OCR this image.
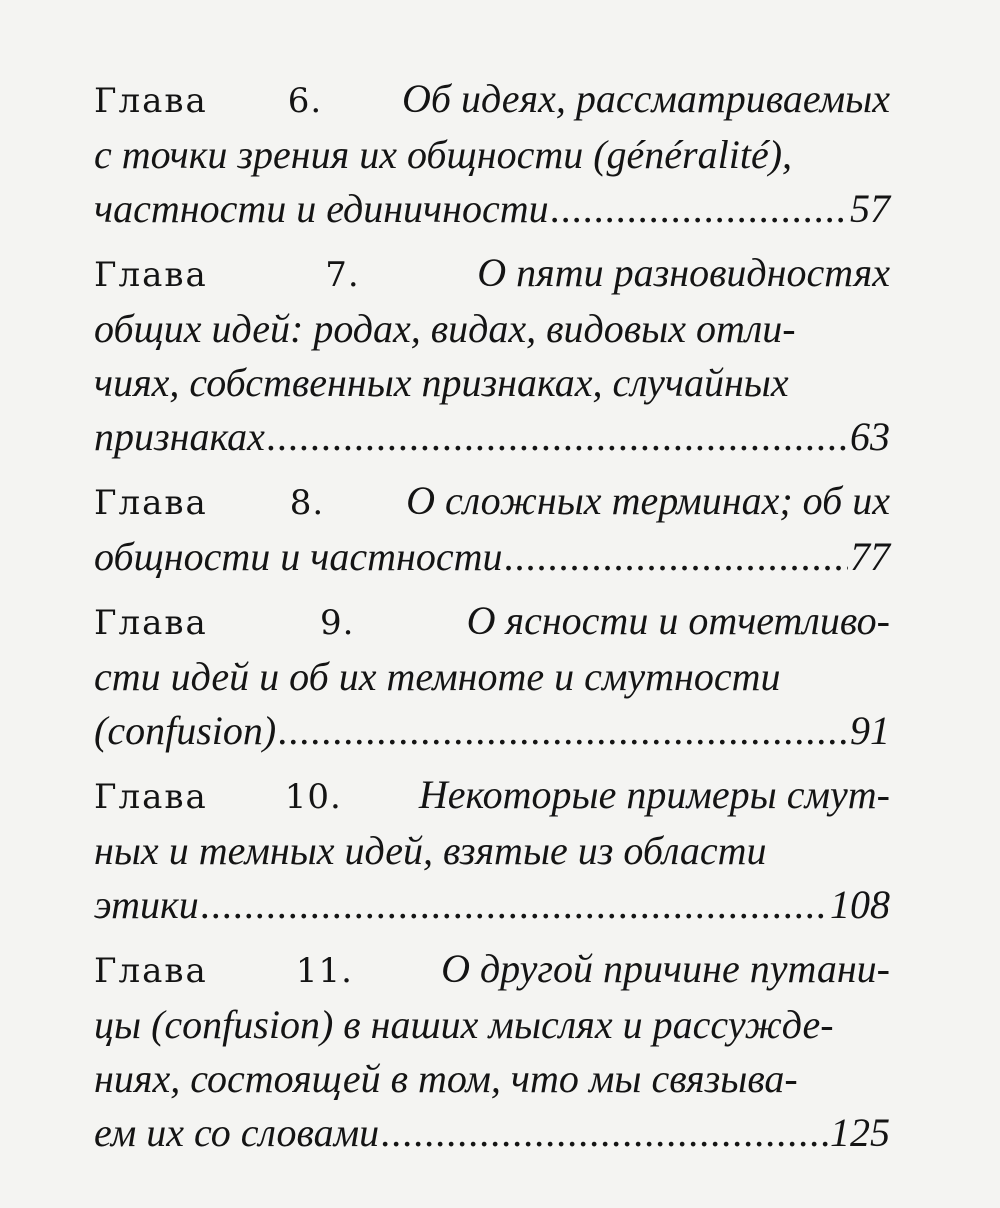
Глава 6. Об идеях, рассматриваемых
с точки зрения их общности (généralité),
частности и единичности .....	57
Глава	7.	О пяти разновидностях
общих идей: родах, видах, видовых отли-
чиях, собственных признаках, случайных
признаках .....	63
Глава 8. О сложных терминах; об их
общности и частности .....	77
Глава	9.	О ясности и отчетливо-
сти идей и об их темноте и смутности
(confusion) .....	91
Глава 10. Некоторые примеры смут-
ных и темных идей, взятые из области
этики .....	108
Глава	11. О другой причине путани-
цы (confusion) в наших мыслях и рассужде-
ниях, состоящей в том, что мы связыва-
ем их со словами .....	125
